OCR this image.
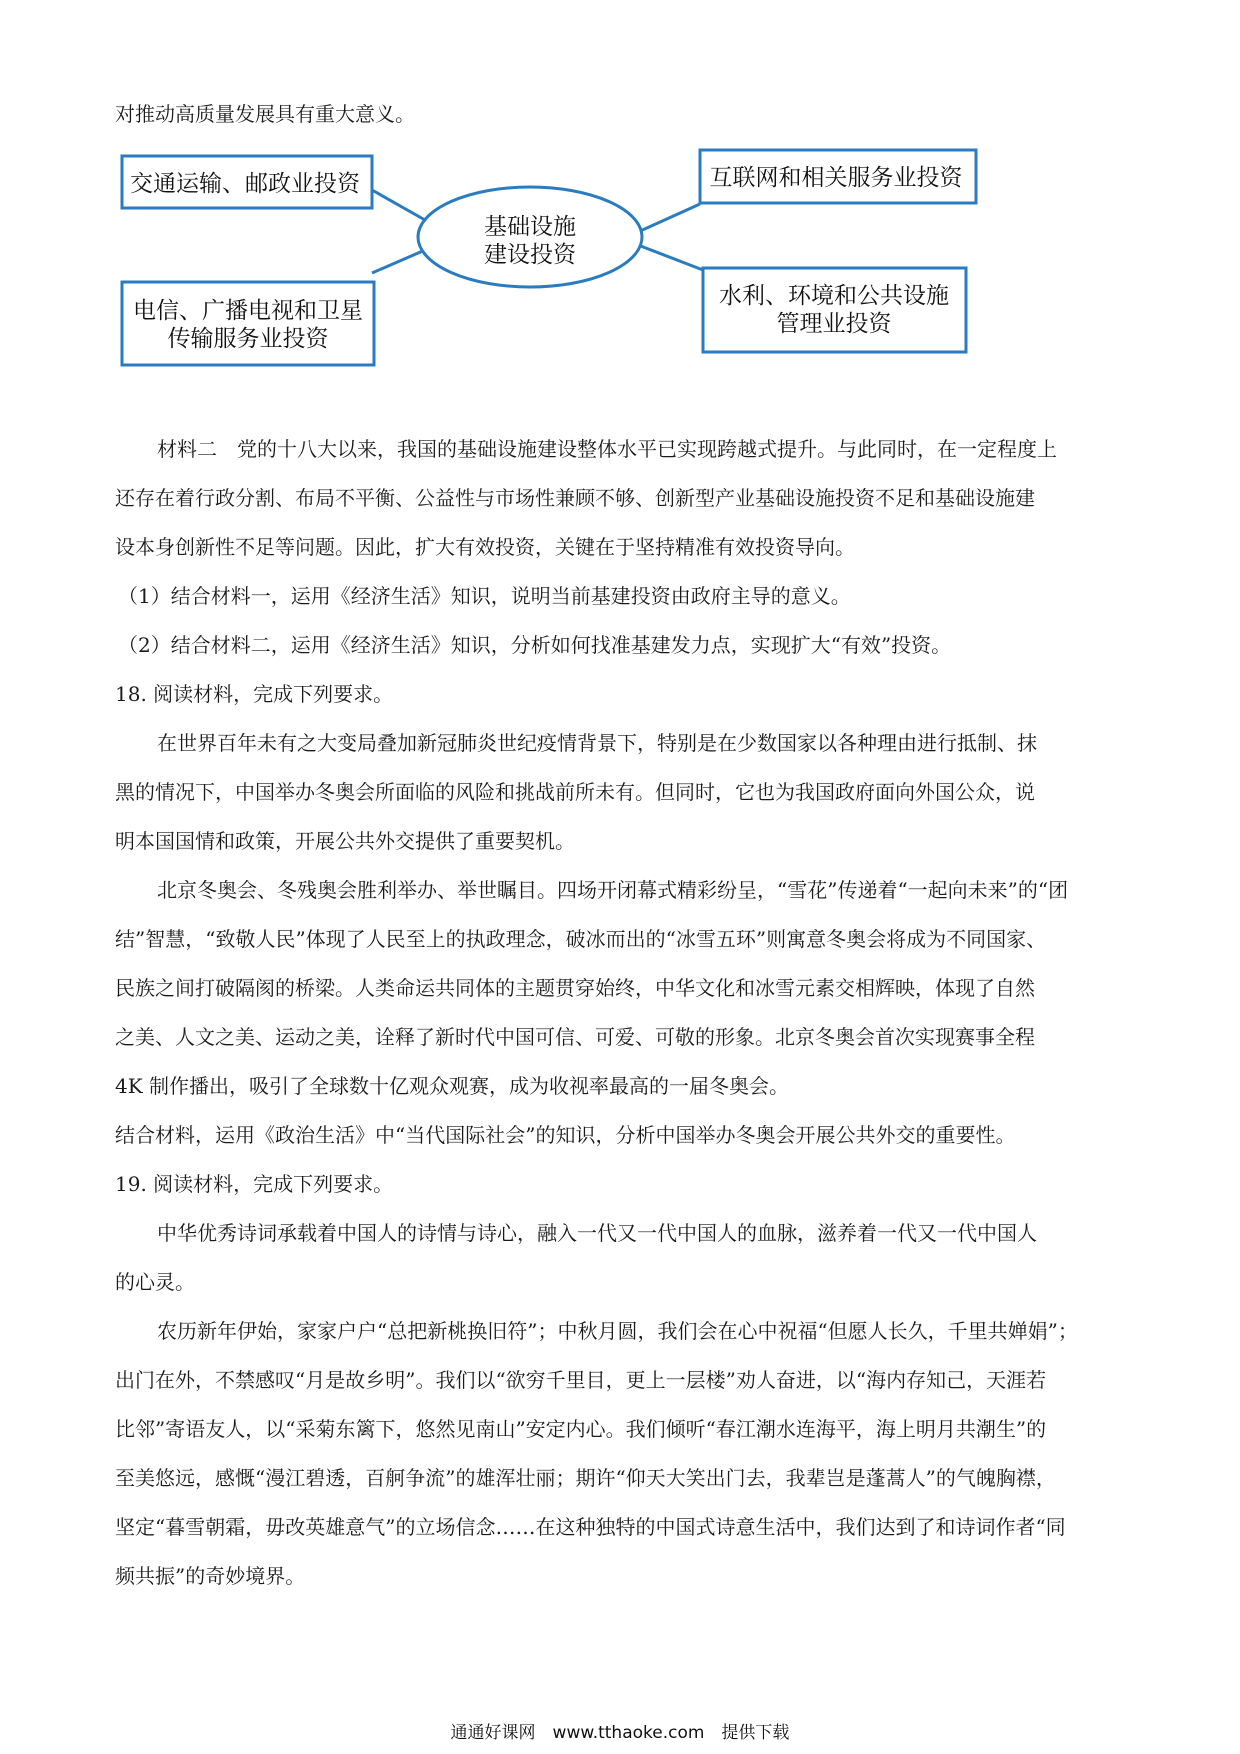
对推动高质量发展具有重大意义。
基础设施
建设投资
交通运输、邮政业投资	互联网和相关服务业投资
电信、广播电视和卫星
传输服务业投资
水利、环境和公共设施
管理业投资
材料二　党的十八大以来，我国的基础设施建设整体水平已实现跨越式提升。与此同时，在一定程度上
还存在着行政分割、布局不平衡、公益性与市场性兼顾不够、创新型产业基础设施投资不足和基础设施建
设本身创新性不足等问题。因此，扩大有效投资，关键在于坚持精准有效投资导向。
（1）结合材料一，运用《经济生活》知识，说明当前基建投资由政府主导的意义。
（2）结合材料二，运用《经济生活》知识，分析如何找准基建发力点，实现扩大“有效”投资。
18. 阅读材料，完成下列要求。
在世界百年未有之大变局叠加新冠肺炎世纪疫情背景下，特别是在少数国家以各种理由进行抵制、抹
黑的情况下，中国举办冬奥会所面临的风险和挑战前所未有。但同时，它也为我国政府面向外国公众，说
明本国国情和政策，开展公共外交提供了重要契机。
北京冬奥会、冬残奥会胜利举办、举世瞩目。四场开闭幕式精彩纷呈，“雪花”传递着“一起向未来”的“团
结”智慧，“致敬人民”体现了人民至上的执政理念，破冰而出的“冰雪五环”则寓意冬奥会将成为不同国家、
民族之间打破隔阂的桥梁。人类命运共同体的主题贯穿始终，中华文化和冰雪元素交相辉映，体现了自然
之美、人文之美、运动之美，诠释了新时代中国可信、可爱、可敬的形象。北京冬奥会首次实现赛事全程
4K 制作播出，吸引了全球数十亿观众观赛，成为收视率最高的一届冬奥会。
结合材料，运用《政治生活》中“当代国际社会”的知识，分析中国举办冬奥会开展公共外交的重要性。
19. 阅读材料，完成下列要求。
中华优秀诗词承载着中国人的诗情与诗心，融入一代又一代中国人的血脉，滋养着一代又一代中国人
的心灵。
农历新年伊始，家家户户“总把新桃换旧符”；中秋月圆，我们会在心中祝福“但愿人长久，千里共婵娟”；
出门在外，不禁感叹“月是故乡明”。我们以“欲穷千里目，更上一层楼”劝人奋进，以“海内存知己，天涯若
比邻”寄语友人，以“采菊东篱下，悠然见南山”安定内心。我们倾听“春江潮水连海平，海上明月共潮生”的
至美悠远，感慨“漫江碧透，百舸争流”的雄浑壮丽；期许“仰天大笑出门去，我辈岂是蓬蒿人”的气魄胸襟，
坚定“暮雪朝霜，毋改英雄意气”的立场信念……在这种独特的中国式诗意生活中，我们达到了和诗词作者“同
频共振”的奇妙境界。
通通好课网　www.tthaoke.com　提供下载
